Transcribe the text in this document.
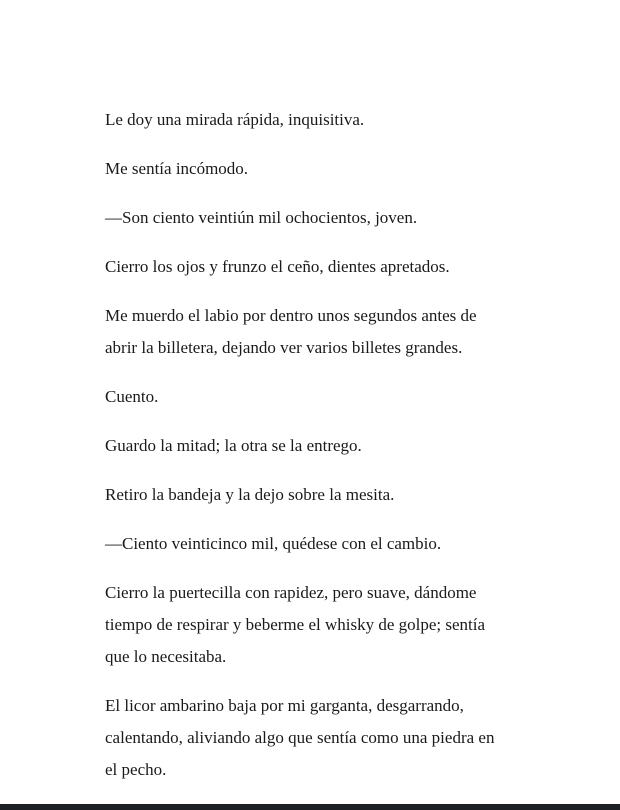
Le doy una mirada rápida, inquisitiva.
Me sentía incómodo.
—Son ciento veintiún mil ochocientos, joven.
Cierro los ojos y frunzo el ceño, dientes apretados.
Me muerdo el labio por dentro unos segundos antes de
abrir la billetera, dejando ver varios billetes grandes.
Cuento.
Guardo la mitad; la otra se la entrego.
Retiro la bandeja y la dejo sobre la mesita.
—Ciento veinticinco mil, quédese con el cambio.
Cierro la puertecilla con rapidez, pero suave, dándome
tiempo de respirar y beberme el whisky de golpe; sentía
que lo necesitaba.
El licor ambarino baja por mi garganta, desgarrando,
calentando, aliviando algo que sentía como una piedra en
el pecho.
